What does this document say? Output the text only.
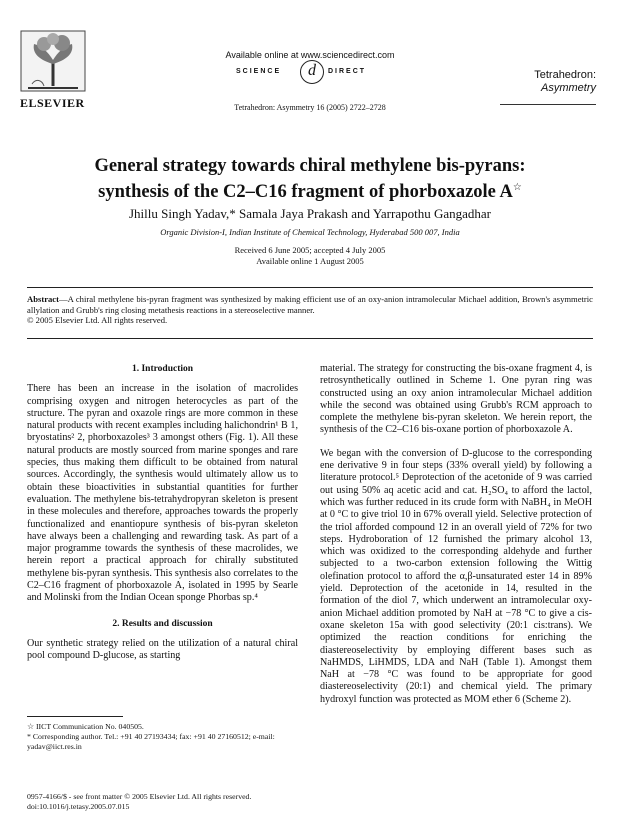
ELSEVIER
Available online at www.sciencedirect.com
SCIENCE	d	DIRECT
Tetrahedron: Asymmetry 16 (2005) 2722–2728
Tetrahedron:
Asymmetry
General strategy towards chiral methylene bis-pyrans:
synthesis of the C2–C16 fragment of phorboxazole A☆
Jhillu Singh Yadav,* Samala Jaya Prakash and Yarrapothu Gangadhar
Organic Division-I, Indian Institute of Chemical Technology, Hyderabad 500 007, India
Received 6 June 2005; accepted 4 July 2005
Available online 1 August 2005
Abstract—A chiral methylene bis-pyran fragment was synthesized by making efficient use of an oxy-anion intramolecular Michael addition, Brown's asymmetric allylation and Grubb's ring closing metathesis reactions in a stereoselective manner.
© 2005 Elsevier Ltd. All rights reserved.
1. Introduction
There has been an increase in the isolation of macrolides comprising oxygen and nitrogen heterocycles as part of the structure. The pyran and oxazole rings are more common in these natural products with recent examples including halichondrin¹ B 1, bryostatins² 2, phorboxazoles³ 3 amongst others (Fig. 1). All these natural products are mostly sourced from marine sponges and rare species, thus making them difficult to be obtained from natural sources. Accordingly, the synthesis would ultimately allow us to obtain these bioactivities in substantial quantities for further evaluation. The methylene bis-tetrahydropyran skeleton is present in these molecules and therefore, approaches towards the properly functionalized and enantiopure synthesis of bis-pyran skeleton have always been a challenging and rewarding task. As part of a major programme towards the synthesis of these macrolides, we herein report a practical approach for chirally substituted methylene bis-pyran synthesis. This synthesis also correlates to the C2–C16 fragment of phorboxazole A, isolated in 1995 by Searle and Molinski from the Indian Ocean sponge Phorbas sp.⁴
2. Results and discussion
Our synthetic strategy relied on the utilization of a natural chiral pool compound D-glucose, as starting
material. The strategy for constructing the bis-oxane fragment 4, is retrosynthetically outlined in Scheme 1. One pyran ring was constructed using an oxy anion intramolecular Michael addition while the second was obtained using Grubb's RCM approach to complete the methylene bis-pyran skeleton. We herein report, the synthesis of the C2–C16 bis-oxane portion of phorboxazole A.
We began with the conversion of D-glucose to the corresponding ene derivative 9 in four steps (33% overall yield) by following a literature protocol.⁵ Deprotection of the acetonide of 9 was carried out using 50% aq acetic acid and cat. H₂SO₄ to afford the lactol, which was further reduced in its crude form with NaBH₄ in MeOH at 0 °C to give triol 10 in 67% overall yield. Selective protection of the triol afforded compound 12 in an overall yield of 72% for two steps. Hydroboration of 12 furnished the primary alcohol 13, which was oxidized to the corresponding aldehyde and further subjected to a two-carbon extension following the Wittig olefination protocol to afford the α,β-unsaturated ester 14 in 89% yield. Deprotection of the acetonide in 14, resulted in the formation of the diol 7, which underwent an intramolecular oxy-anion Michael addition promoted by NaH at −78 °C to give a cis-oxane skeleton 15a with good selectivity (20:1 cis:trans). We optimized the reaction conditions for enriching the diastereoselectivity by employing different bases such as NaHMDS, LiHMDS, LDA and NaH (Table 1). Amongst them NaH at −78 °C was found to be appropriate for good diastereoselectivity (20:1) and chemical yield. The primary hydroxyl function was protected as MOM ether 6 (Scheme 2).
☆ IICT Communication No. 040505.
* Corresponding author. Tel.: +91 40 27193434; fax: +91 40 27160512; e-mail: yadav@iict.res.in
0957-4166/$ - see front matter © 2005 Elsevier Ltd. All rights reserved.
doi:10.1016/j.tetasy.2005.07.015
